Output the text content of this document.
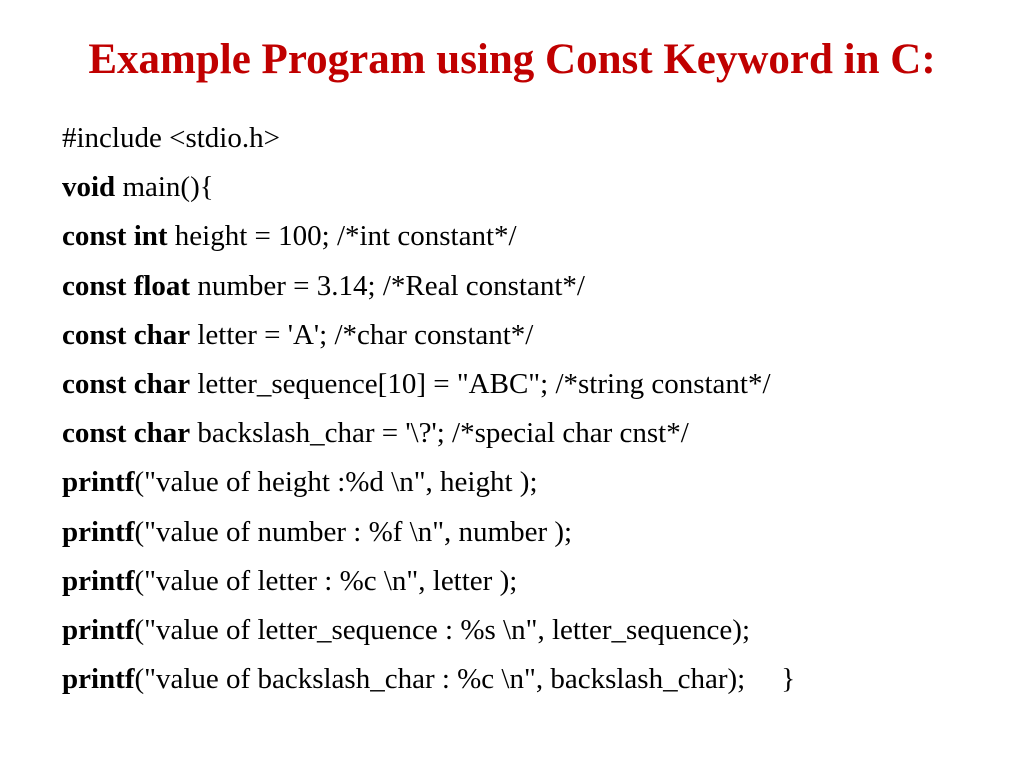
Example Program using Const Keyword in C:
#include <stdio.h>
void main(){
const int height = 100; /*int constant*/
const float number = 3.14; /*Real constant*/
const char letter = 'A'; /*char constant*/
const char letter_sequence[10] = "ABC"; /*string constant*/
const char backslash_char = '\?'; /*special char cnst*/
printf("value of height :%d \n", height );
printf("value of number : %f \n", number );
printf("value of letter : %c \n", letter );
printf("value of letter_sequence : %s \n", letter_sequence);
printf("value of backslash_char : %c \n", backslash_char); }
